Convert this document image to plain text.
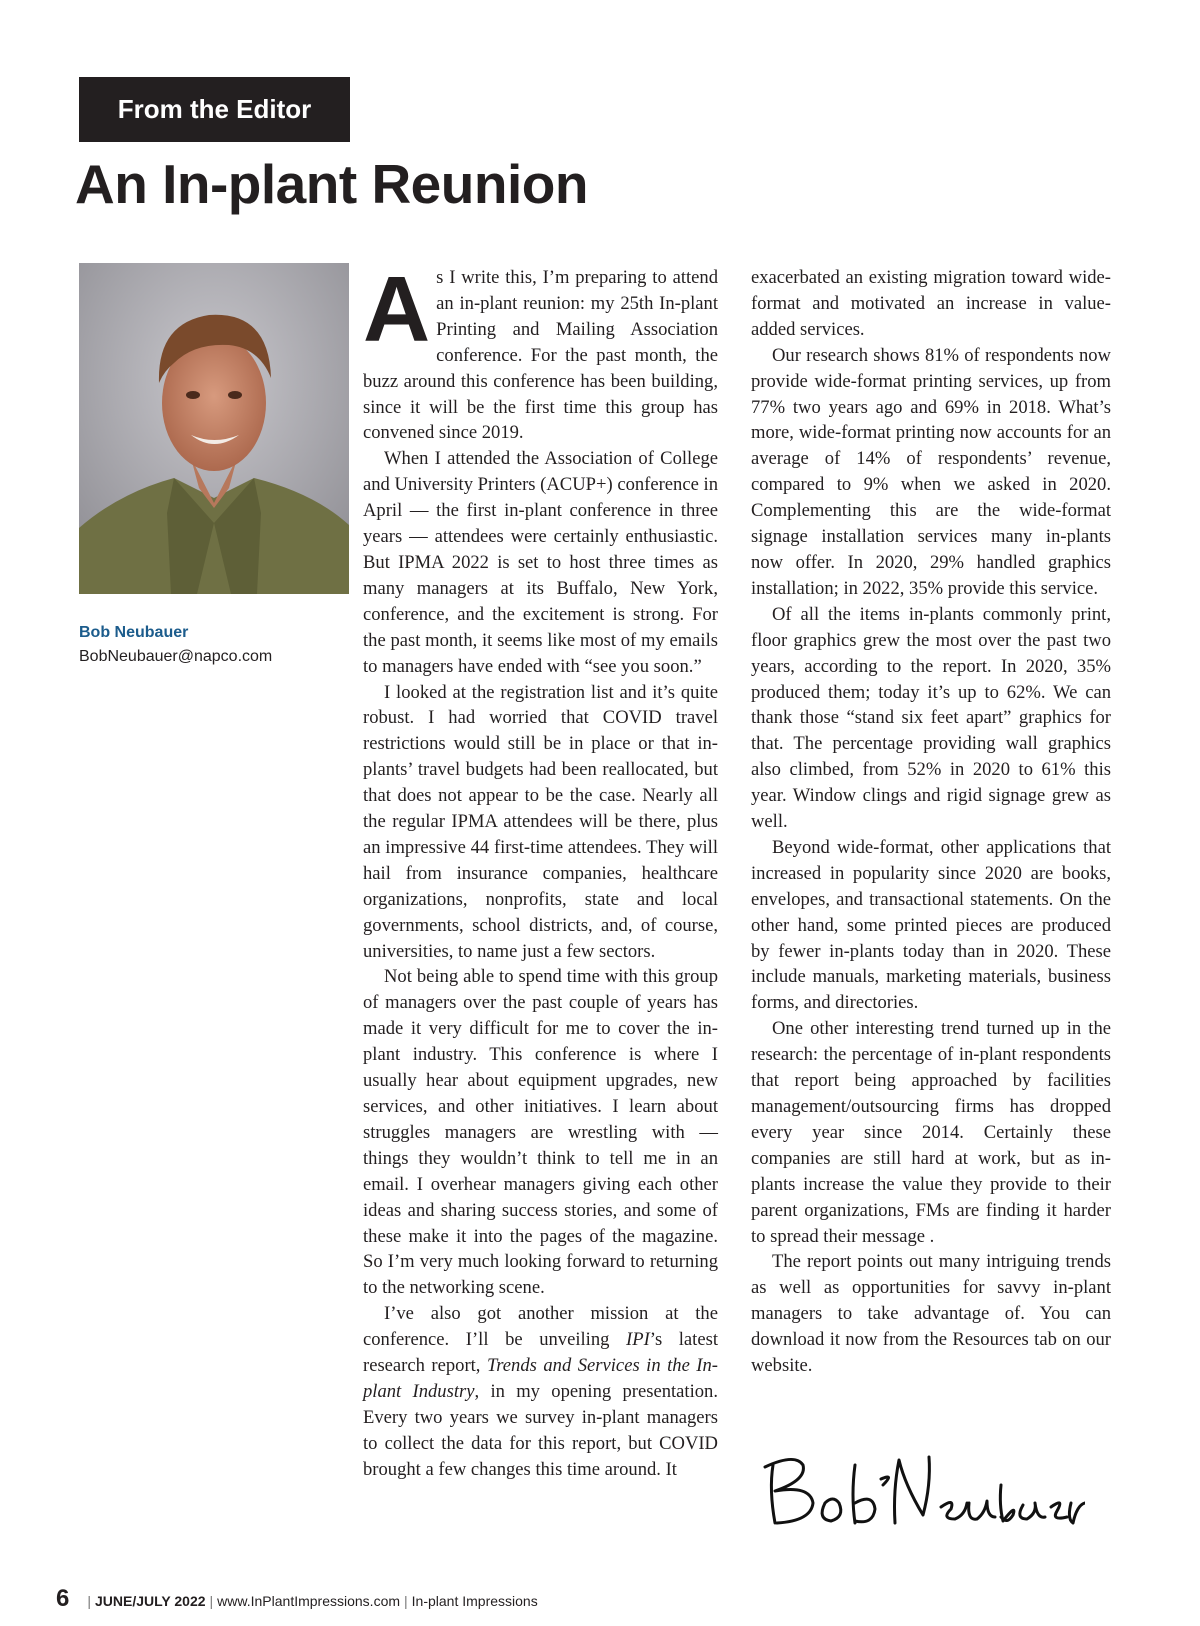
From the Editor
An In-plant Reunion
Bob Neubauer
BobNeubauer@napco.com

As I write this, I’m preparing to attend an in-plant reunion: my 25th In-plant Printing and Mailing Association conference. For the past month, the buzz around this conference has been building, since it will be the first time this group has convened since 2019.

When I attended the Association of College and University Printers (ACUP+) conference in April — the first in-plant conference in three years — attendees were certainly enthusiastic. But IPMA 2022 is set to host three times as many managers at its Buffalo, New York, conference, and the excitement is strong. For the past month, it seems like most of my emails to managers have ended with “see you soon.”

I looked at the registration list and it’s quite robust. I had worried that COVID travel restrictions would still be in place or that in-plants’ travel budgets had been reallocated, but that does not appear to be the case. Nearly all the regular IPMA attendees will be there, plus an impressive 44 first-time attendees. They will hail from insurance companies, healthcare organizations, nonprofits, state and local governments, school districts, and, of course, universities, to name just a few sectors.

Not being able to spend time with this group of managers over the past couple of years has made it very difficult for me to cover the in-plant industry. This conference is where I usually hear about equipment upgrades, new services, and other initiatives. I learn about struggles managers are wrestling with — things they wouldn’t think to tell me in an email. I overhear managers giving each other ideas and sharing success stories, and some of these make it into the pages of the magazine. So I’m very much looking forward to returning to the networking scene.

I’ve also got another mission at the conference. I’ll be unveiling IPI’s latest research report, Trends and Services in the In-plant Industry, in my opening presentation. Every two years we survey in-plant managers to collect the data for this report, but COVID brought a few changes this time around. It

exacerbated an existing migration toward wide-format and motivated an increase in value-added services.

Our research shows 81% of respondents now provide wide-format printing services, up from 77% two years ago and 69% in 2018. What’s more, wide-format printing now accounts for an average of 14% of respondents’ revenue, compared to 9% when we asked in 2020. Complementing this are the wide-format signage installation services many in-plants now offer. In 2020, 29% handled graphics installation; in 2022, 35% provide this service.

Of all the items in-plants commonly print, floor graphics grew the most over the past two years, according to the report. In 2020, 35% produced them; today it’s up to 62%. We can thank those “stand six feet apart” graphics for that. The percentage providing wall graphics also climbed, from 52% in 2020 to 61% this year. Window clings and rigid signage grew as well.

Beyond wide-format, other applications that increased in popularity since 2020 are books, envelopes, and transactional statements. On the other hand, some printed pieces are produced by fewer in-plants today than in 2020. These include manuals, marketing materials, business forms, and directories.

One other interesting trend turned up in the research: the percentage of in-plant respondents that report being approached by facilities management/outsourcing firms has dropped every year since 2014. Certainly these companies are still hard at work, but as in-plants increase the value they provide to their parent organizations, FMs are finding it harder to spread their message .

The report points out many intriguing trends as well as opportunities for savvy in-plant managers to take advantage of. You can download it now from the Resources tab on our website.

6 | JUNE/JULY 2022 | www.InPlantImpressions.com | In-plant Impressions
